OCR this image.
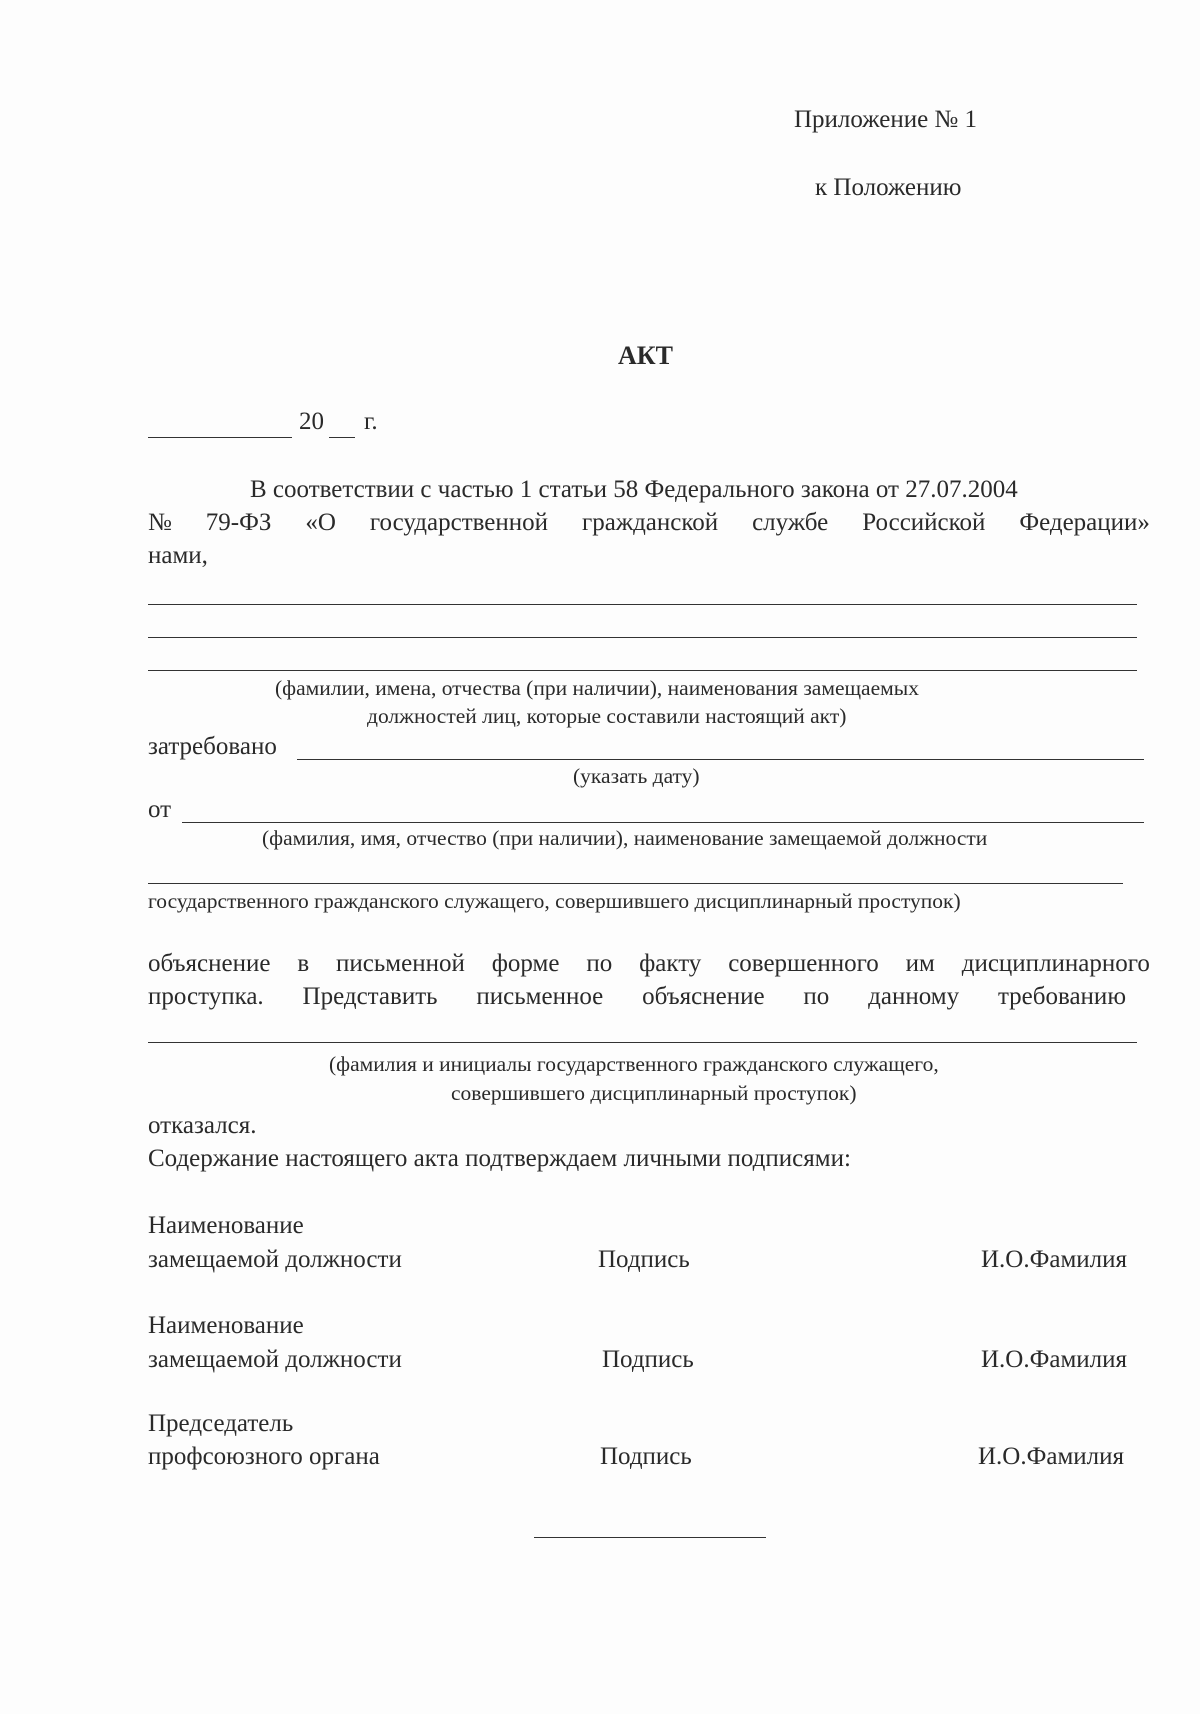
Приложение № 1
к Положению
АКТ
20 г.
В соответствии с частью 1 статьи 58 Федерального закона от 27.07.2004
№ 79-ФЗ «О государственной гражданской службе Российской Федерации»
нами,
(фамилии, имена, отчества (при наличии), наименования замещаемых
должностей лиц, которые составили настоящий акт)
затребовано
(указать дату)
от
(фамилия, имя, отчество (при наличии), наименование замещаемой должности
государственного гражданского служащего, совершившего дисциплинарный проступок)
объяснение в письменной форме по факту совершенного им дисциплинарного
проступка. Представить письменное объяснение по данному требованию
(фамилия и инициалы государственного гражданского служащего,
совершившего дисциплинарный проступок)
отказался.
Содержание настоящего акта подтверждаем личными подписями:
Наименование
замещаемой должности	Подпись	И.О.Фамилия
Наименование
замещаемой должности	Подпись	И.О.Фамилия
Председатель
профсоюзного органа	Подпись	И.О.Фамилия
